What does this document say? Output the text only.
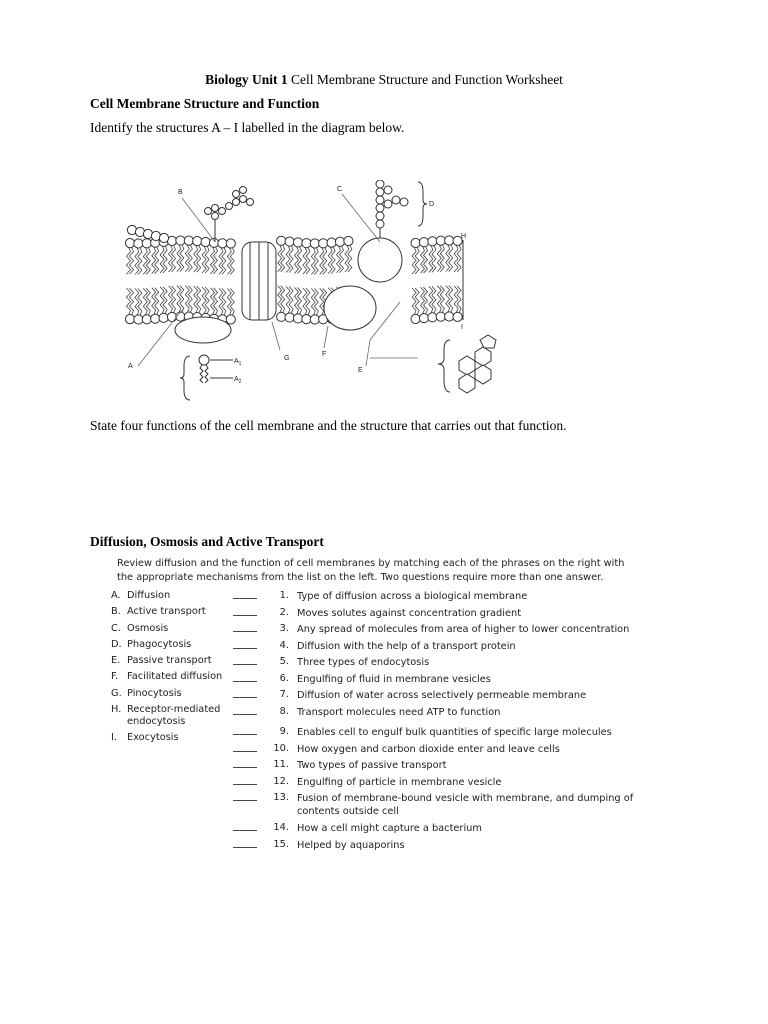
Biology Unit 1 Cell Membrane Structure and Function Worksheet
Cell Membrane Structure and Function
Identify the structures A – I labelled in the diagram below.
B	C
D
H
I
G
F
E
A
$A_1$
$A_2$
State four functions of the cell membrane and the structure that carries out that function.
Diffusion, Osmosis and Active Transport
Review diffusion and the function of cell membranes by matching each of the phrases on the right with the appropriate mechanisms from the list on the left. Two questions require more than one answer.
A. Diffusion
B. Active transport
C. Osmosis
D. Phagocytosis
E. Passive transport
F. Facilitated diffusion
G. Pinocytosis
H. Receptor-mediated endocytosis
I.	Exocytosis
1. Type of diffusion across a biological membrane
2. Moves solutes against concentration gradient
3. Any spread of molecules from area of higher to lower concentration
4. Diffusion with the help of a transport protein
5. Three types of endocytosis
6. Engulfing of fluid in membrane vesicles
7. Diffusion of water across selectively permeable membrane
8. Transport molecules need ATP to function
9. Enables cell to engulf bulk quantities of specific large molecules
10. How oxygen and carbon dioxide enter and leave cells
11. Two types of passive transport
12. Engulfing of particle in membrane vesicle
13. Fusion of membrane-bound vesicle with membrane, and dumping of contents outside cell
14. How a cell might capture a bacterium
15. Helped by aquaporins
